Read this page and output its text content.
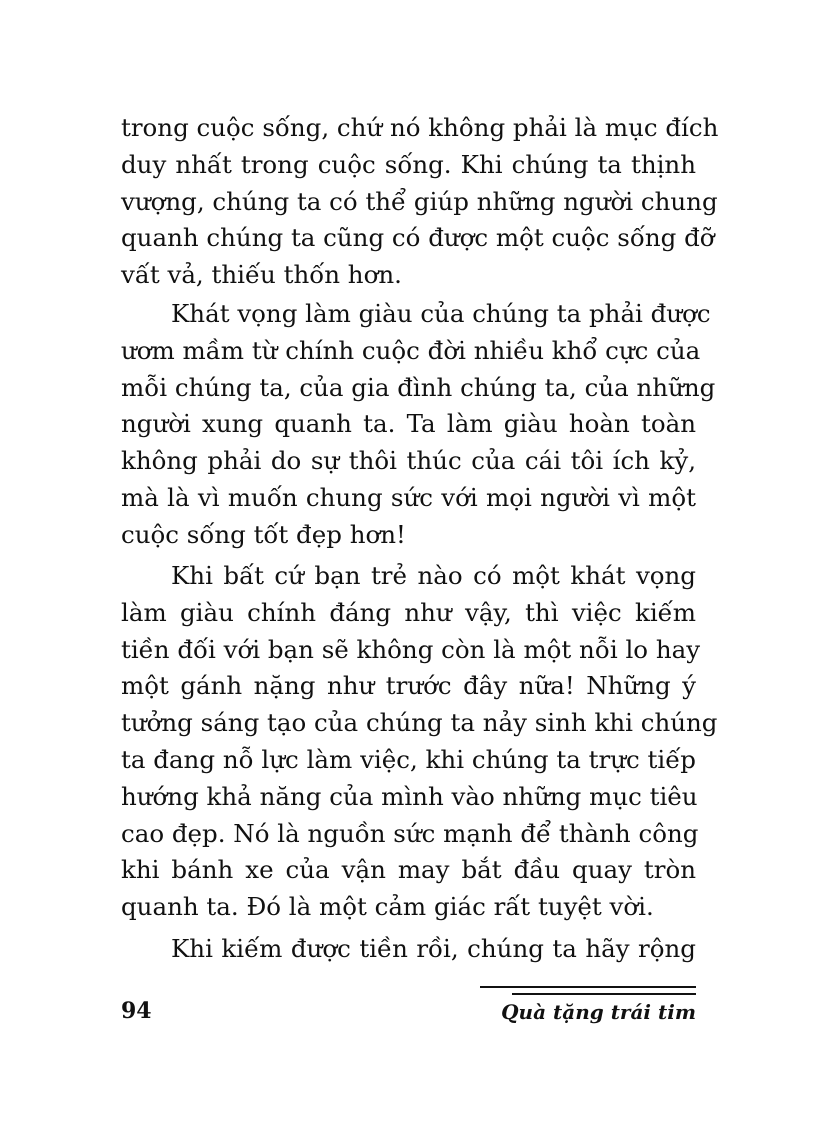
trong cuộc sống, chứ nó không phải là mục đích
duy nhất trong cuộc sống. Khi chúng ta thịnh
vượng, chúng ta có thể giúp những người chung
quanh chúng ta cũng có được một cuộc sống đỡ
vất vả, thiếu thốn hơn.
Khát vọng làm giàu của chúng ta phải được
ươm mầm từ chính cuộc đời nhiều khổ cực của
mỗi chúng ta, của gia đình chúng ta, của những
người xung quanh ta. Ta làm giàu hoàn toàn
không phải do sự thôi thúc của cái tôi ích kỷ,
mà là vì muốn chung sức với mọi người vì một
cuộc sống tốt đẹp hơn!
Khi bất cứ bạn trẻ nào có một khát vọng
làm giàu chính đáng như vậy, thì việc kiếm
tiền đối với bạn sẽ không còn là một nỗi lo hay
một gánh nặng như trước đây nữa! Những ý
tưởng sáng tạo của chúng ta nảy sinh khi chúng
ta đang nỗ lực làm việc, khi chúng ta trực tiếp
hướng khả năng của mình vào những mục tiêu
cao đẹp. Nó là nguồn sức mạnh để thành công
khi bánh xe của vận may bắt đầu quay tròn
quanh ta. Đó là một cảm giác rất tuyệt vời.
Khi kiếm được tiền rồi, chúng ta hãy rộng
94	Quà tặng trái tim
